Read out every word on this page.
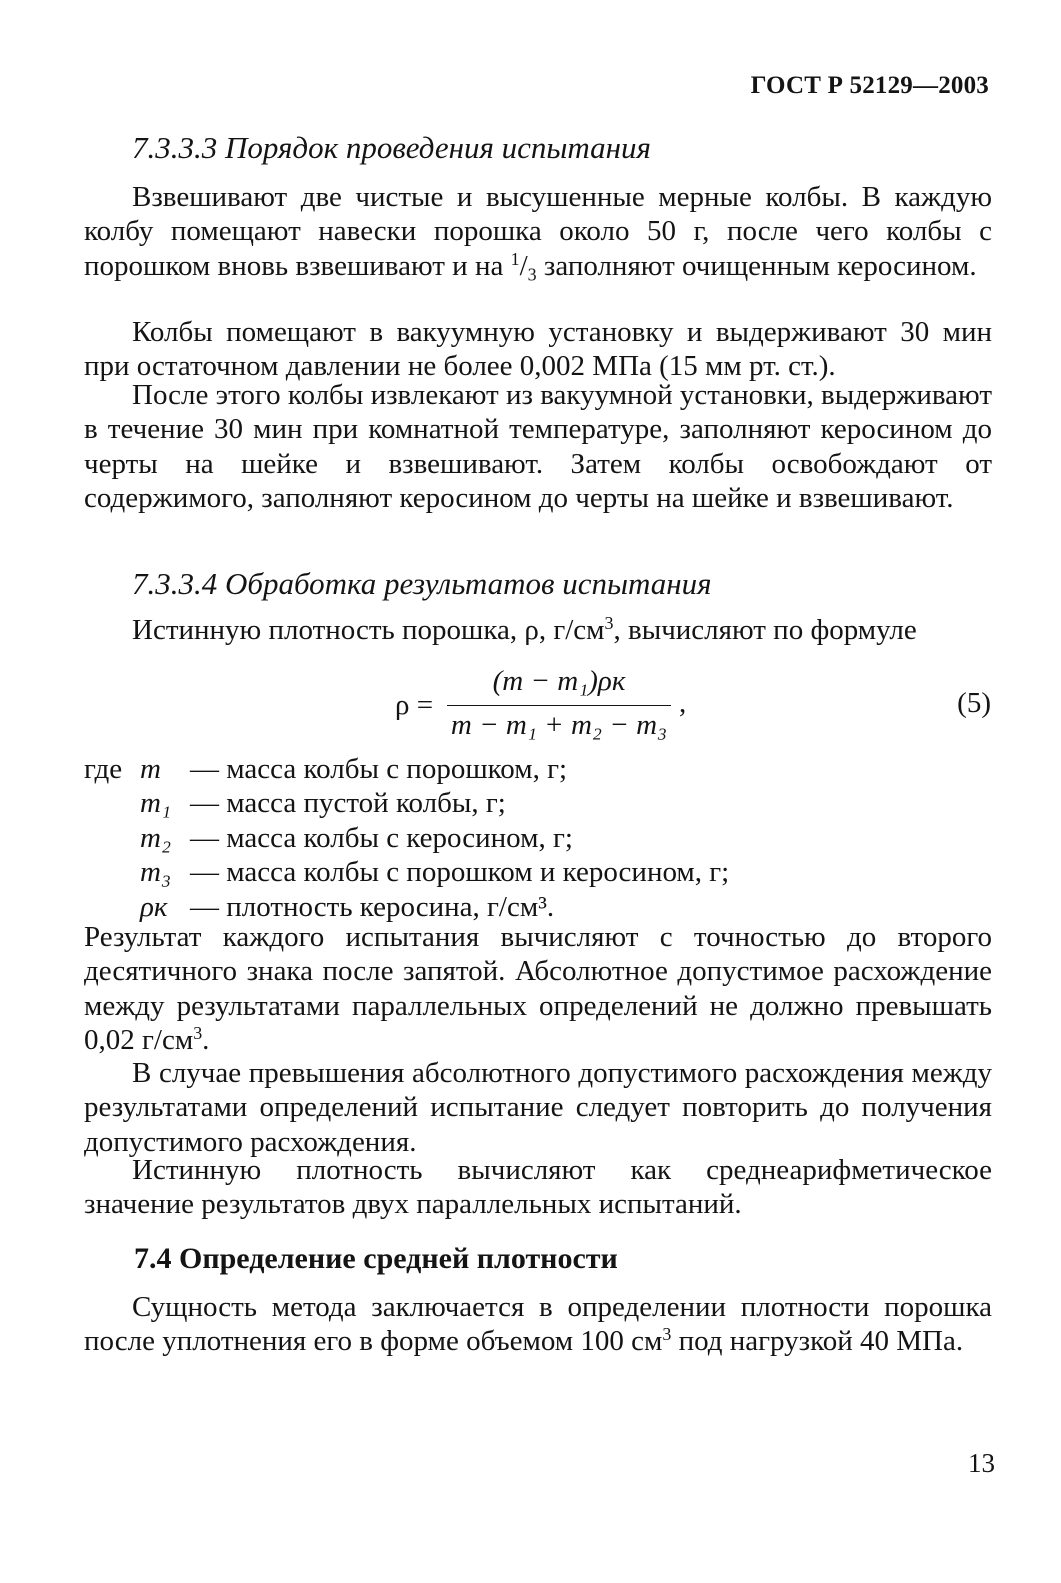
ГОСТ Р 52129—2003
7.3.3.3 Порядок проведения испытания

Взвешивают две чистые и высушенные мерные колбы. В каждую колбу помещают навески порошка около 50 г, после чего колбы с порошком вновь взвешивают и на $^1/_3$ заполняют очищенным керосином.

Колбы помещают в вакуумную установку и выдерживают 30 мин при остаточном давлении не более 0,002 МПа (15 мм рт. ст.).

После этого колбы извлекают из вакуумной установки, выдерживают в течение 30 мин при комнатной температуре, заполняют керосином до черты на шейке и взвешивают. Затем колбы освобождают от содержимого, заполняют керосином до черты на шейке и взвешивают.

7.3.3.4 Обработка результатов испытания

Истинную плотность порошка, ρ, $г/см^3$, вычисляют по формуле

ρ =
(m − m₁)ρк
m − m₁ + m₂ − m₃
,	(5)
где m — масса колбы с порошком, г;
m₁ — масса пустой колбы, г;
m₂ — масса колбы с керосином, г;
m₃ — масса колбы с порошком и керосином, г;
ρк — плотность керосина, г/см³.

Результат каждого испытания вычисляют с точностью до второго десятичного знака после запятой. Абсолютное допустимое расхождение между результатами параллельных определений не должно превышать 0,02 $г/см^3$.

В случае превышения абсолютного допустимого расхождения между результатами определений испытание следует повторить до получения допустимого расхождения.

Истинную плотность вычисляют как среднеарифметическое значение результатов двух параллельных испытаний.

7.4 Определение средней плотности

Сущность метода заключается в определении плотности порошка после уплотнения его в форме объемом 100 $см^3$ под нагрузкой 40 МПа.

13
